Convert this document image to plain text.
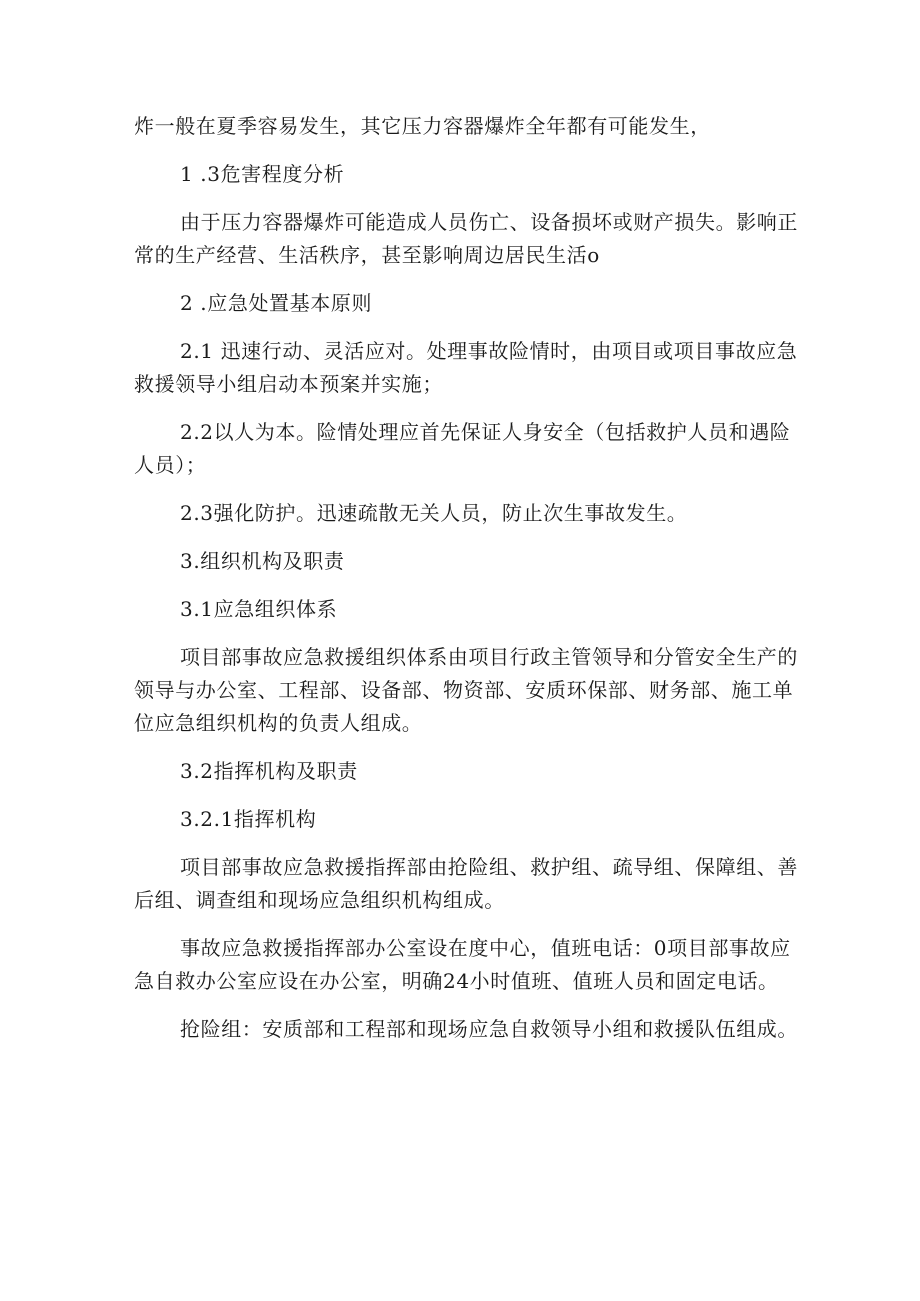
炸一般在夏季容易发生，其它压力容器爆炸全年都有可能发生，

1 .3危害程度分析

由于压力容器爆炸可能造成人员伤亡、设备损坏或财产损失。影响正常的生产经营、生活秩序，甚至影响周边居民生活o

2 .应急处置基本原则

2.1 迅速行动、灵活应对。处理事故险情时，由项目或项目事故应急救援领导小组启动本预案并实施；

2.2以人为本。险情处理应首先保证人身安全（包括救护人员和遇险人员）；

2.3强化防护。迅速疏散无关人员，防止次生事故发生。

3.组织机构及职责

3.1应急组织体系

项目部事故应急救援组织体系由项目行政主管领导和分管安全生产的领导与办公室、工程部、设备部、物资部、安质环保部、财务部、施工单位应急组织机构的负责人组成。

3.2指挥机构及职责

3.2.1指挥机构

项目部事故应急救援指挥部由抢险组、救护组、疏导组、保障组、善后组、调查组和现场应急组织机构组成。

事故应急救援指挥部办公室设在度中心，值班电话：0项目部事故应急自救办公室应设在办公室，明确24小时值班、值班人员和固定电话。

抢险组：安质部和工程部和现场应急自救领导小组和救援队伍组成。
